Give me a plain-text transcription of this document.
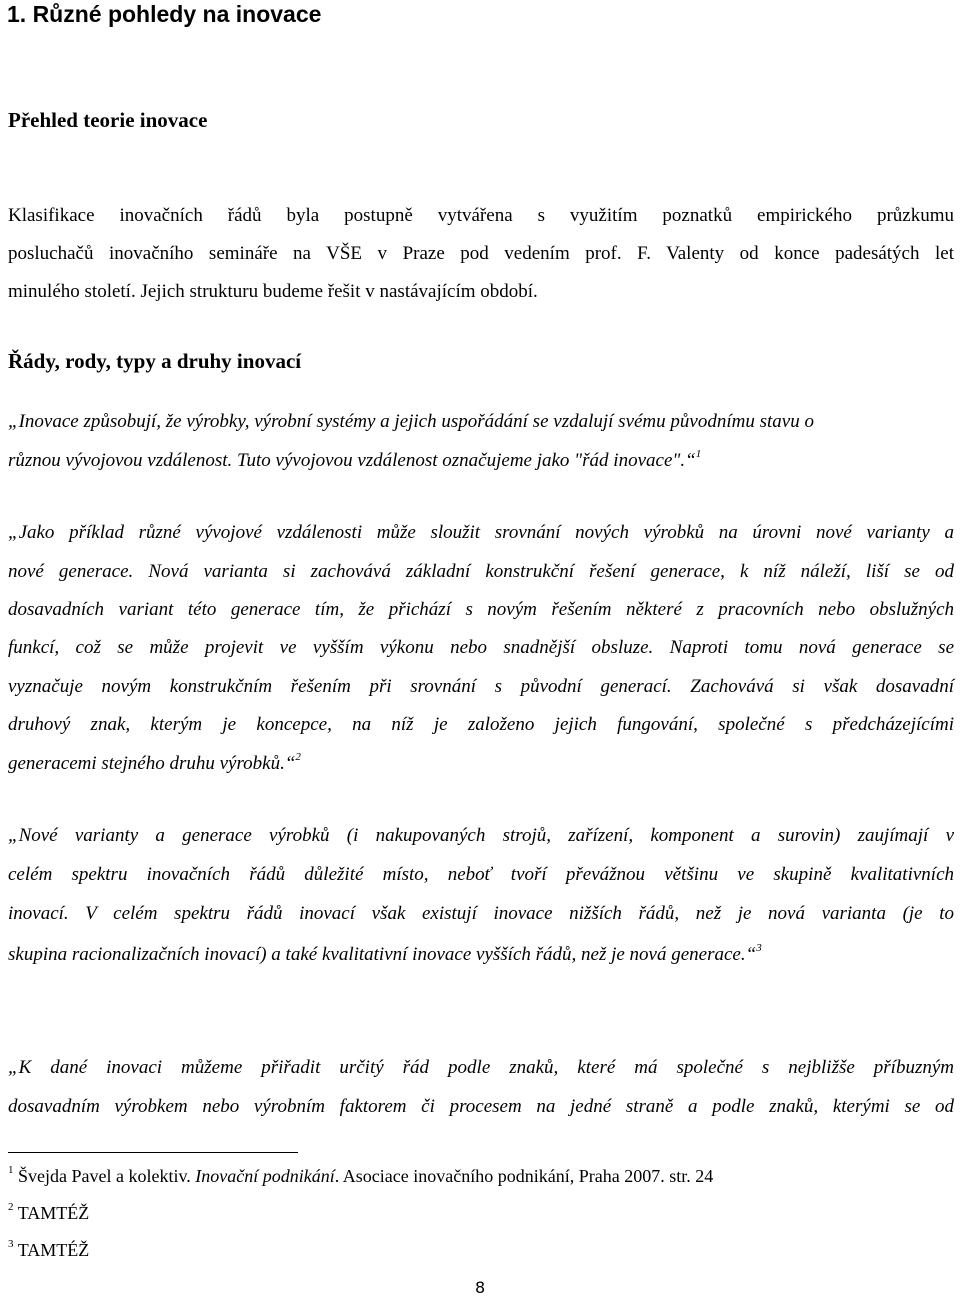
1. Různé pohledy na inovace
Přehled teorie inovace
Klasifikace inovačních řádů byla postupně vytvářena s využitím poznatků empirického průzkumu
posluchačů inovačního semináře na VŠE v Praze pod vedením prof. F. Valenty od konce padesátých let
minulého století. Jejich strukturu budeme řešit v nastávajícím období.
Řády, rody, typy a druhy inovací
„Inovace způsobují, že výrobky, výrobní systémy a jejich uspořádání se vzdalují svému původnímu stavu o
různou vývojovou vzdálenost. Tuto vývojovou vzdálenost označujeme jako "řád inovace".“$^1$
„Jako příklad různé vývojové vzdálenosti může sloužit srovnání nových výrobků na úrovni nové varianty a
nové generace. Nová varianta si zachovává základní konstrukční řešení generace, k níž náleží, liší se od
dosavadních variant této generace tím, že přichází s novým řešením některé z pracovních nebo obslužných
funkcí, což se může projevit ve vyšším výkonu nebo snadnější obsluze. Naproti tomu nová generace se
vyznačuje novým konstrukčním řešením při srovnání s původní generací. Zachovává si však dosavadní
druhový znak, kterým je koncepce, na níž je založeno jejich fungování, společné s předcházejícími
generacemi stejného druhu výrobků.“$^2$
„Nové varianty a generace výrobků (i nakupovaných strojů, zařízení, komponent a surovin) zaujímají v
celém spektru inovačních řádů důležité místo, neboť tvoří převážnou většinu ve skupině kvalitativních
inovací. V celém spektru řádů inovací však existují inovace nižších řádů, než je nová varianta (je to
skupina racionalizačních inovací) a také kvalitativní inovace vyšších řádů, než je nová generace.“$^3$
„K dané inovaci můžeme přiřadit určitý řád podle znaků, které má společné s nejbližše příbuzným
dosavadním výrobkem nebo výrobním faktorem či procesem na jedné straně a podle znaků, kterými se od
$^1$ Švejda Pavel a kolektiv. Inovační podnikání. Asociace inovačního podnikání, Praha 2007. str. 24
$^2$ TAMTÉŽ
$^3$ TAMTÉŽ
8
